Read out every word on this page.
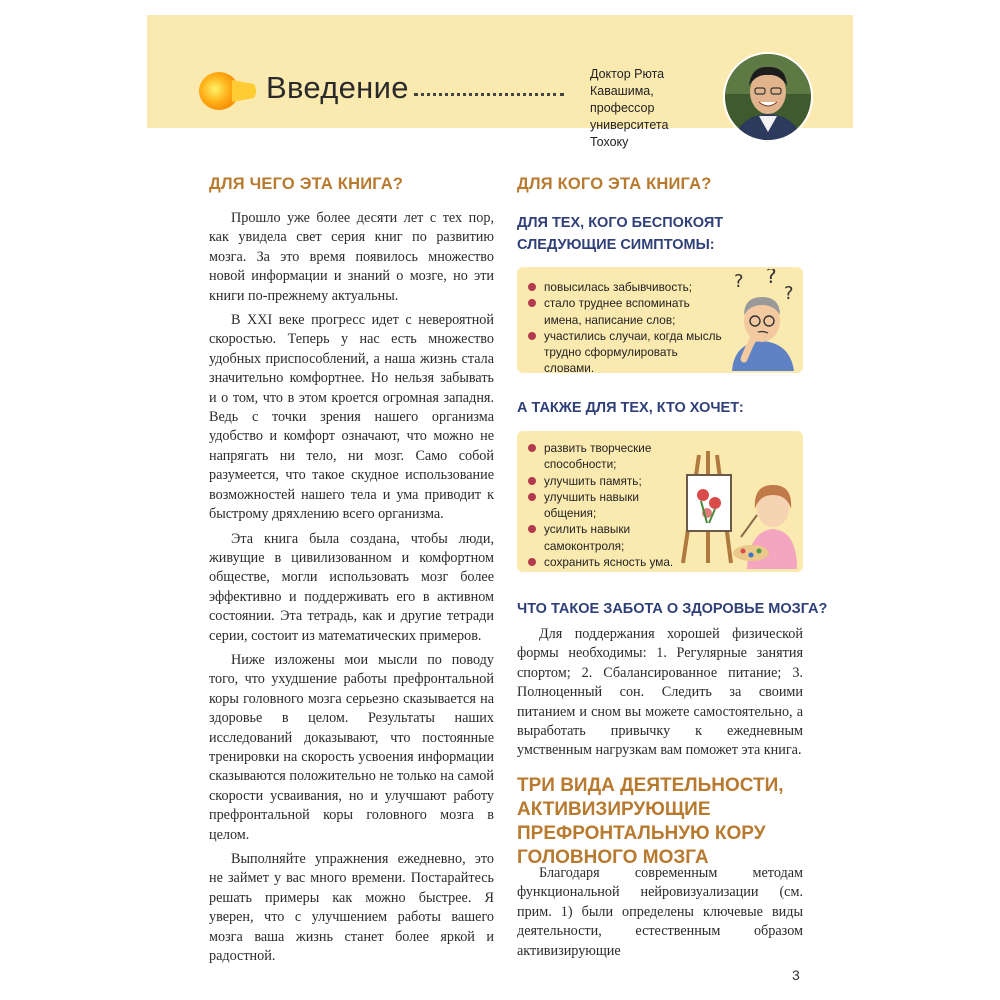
Введение	Доктор Рюта Кавашима,
профессор университета
Тохоку
ДЛЯ ЧЕГО ЭТА КНИГА?

Прошло уже более десяти лет с тех пор, как увидела свет серия книг по развитию мозга. За это время появилось множество новой информации и знаний о мозге, но эти книги по-прежнему актуальны.

В XXI веке прогресс идет с невероятной скоростью. Теперь у нас есть множество удобных приспособлений, а наша жизнь стала значительно комфортнее. Но нельзя забывать и о том, что в этом кроется огромная западня. Ведь с точки зрения нашего организма удобство и комфорт означают, что можно не напрягать ни тело, ни мозг. Само собой разумеется, что такое скудное использование возможностей нашего тела и ума приводит к быстрому дряхлению всего организма.

Эта книга была создана, чтобы люди, живущие в цивилизованном и комфортном обществе, могли использовать мозг более эффективно и поддерживать его в активном состоянии. Эта тетрадь, как и другие тетради серии, состоит из математических примеров.

Ниже изложены мои мысли по поводу того, что ухудшение работы префронтальной коры головного мозга серьезно сказывается на здоровье в целом. Результаты наших исследований доказывают, что постоянные тренировки на скорость усвоения информации сказываются положительно не только на самой скорости усваивания, но и улучшают работу префронтальной коры головного мозга в целом.

Выполняйте упражнения ежедневно, это не займет у вас много времени. Постарайтесь решать примеры как можно быстрее. Я уверен, что с улучшением работы вашего мозга ваша жизнь станет более яркой и радостной.

ДЛЯ КОГО ЭТА КНИГА?
ДЛЯ ТЕХ, КОГО БЕСПОКОЯТ СЛЕДУЮЩИЕ СИМПТОМЫ:
повысилась забывчивость;
стало труднее вспоминать имена, написание слов;
участились случаи, когда мысль трудно сформулировать словами.
? ?
?
А ТАКЖЕ ДЛЯ ТЕХ, КТО ХОЧЕТ:
развить творческие способности;
улучшить память;
улучшить навыки общения;
усилить навыки самоконтроля;
сохранить ясность ума.
ЧТО ТАКОЕ ЗАБОТА О ЗДОРОВЬЕ МОЗГА?

Для поддержания хорошей физической формы необходимы: 1. Регулярные занятия спортом; 2. Сбалансированное питание; 3. Полноценный сон. Следить за своими питанием и сном вы можете самостоятельно, а выработать привычку к ежедневным умственным нагрузкам вам поможет эта книга.

ТРИ ВИДА ДЕЯТЕЛЬНОСТИ,
АКТИВИЗИРУЮЩИЕ
ПРЕФРОНТАЛЬНУЮ КОРУ
ГОЛОВНОГО МОЗГА

Благодаря современным методам функциональной нейровизуализации (см. прим. 1) были определены ключевые виды деятельности, естественным образом активизирующие

3
